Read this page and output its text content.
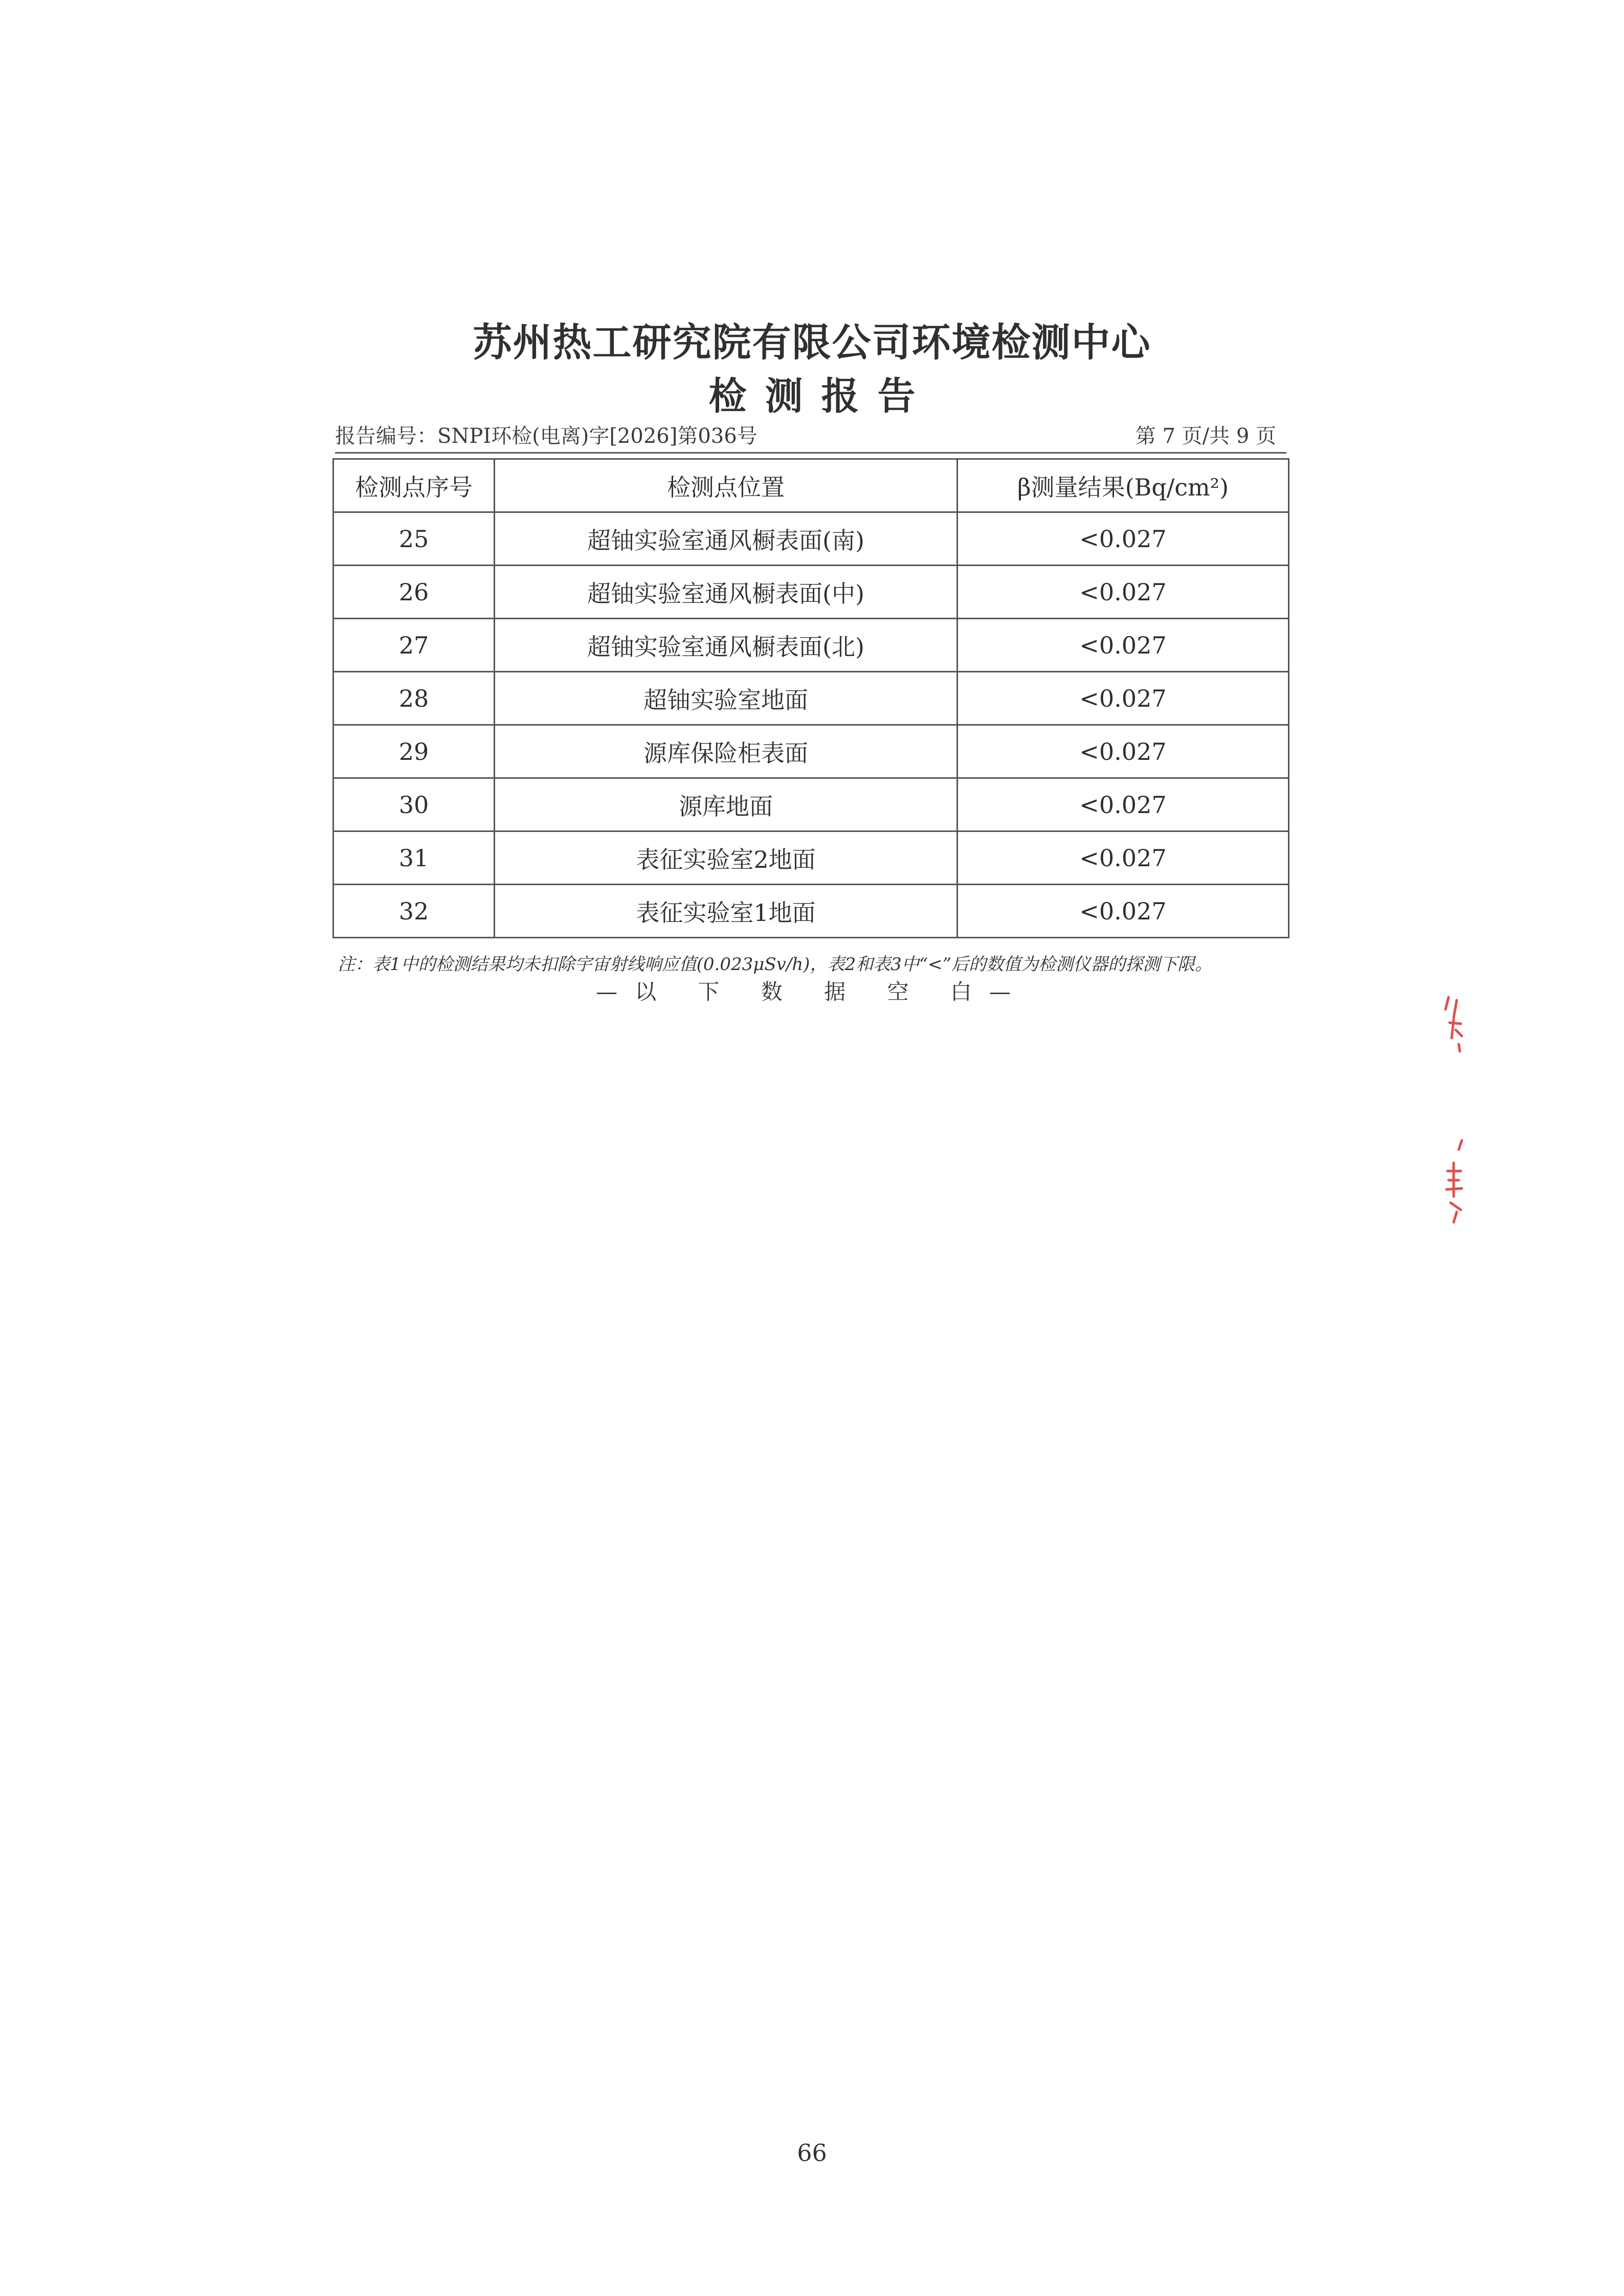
苏州热工研究院有限公司环境检测中心
检测报告
报告编号：SNPI环检(电离)字[2026]第036号	第 7 页/共 9 页
检测点序号	检测点位置	β测量结果(Bq/cm²)
25	超铀实验室通风橱表面(南)	<0.027
26	超铀实验室通风橱表面(中)	<0.027
27	超铀实验室通风橱表面(北)	<0.027
28	超铀实验室地面	<0.027
29	源库保险柜表面	<0.027
30	源库地面	<0.027
31	表征实验室2地面	<0.027
32	表征实验室1地面	<0.027
注：表1中的检测结果均未扣除宇宙射线响应值(0.023μSv/h)，表2和表3中“<”后的数值为检测仪器的探测下限。
—以 下 数 据 空 白—
66
